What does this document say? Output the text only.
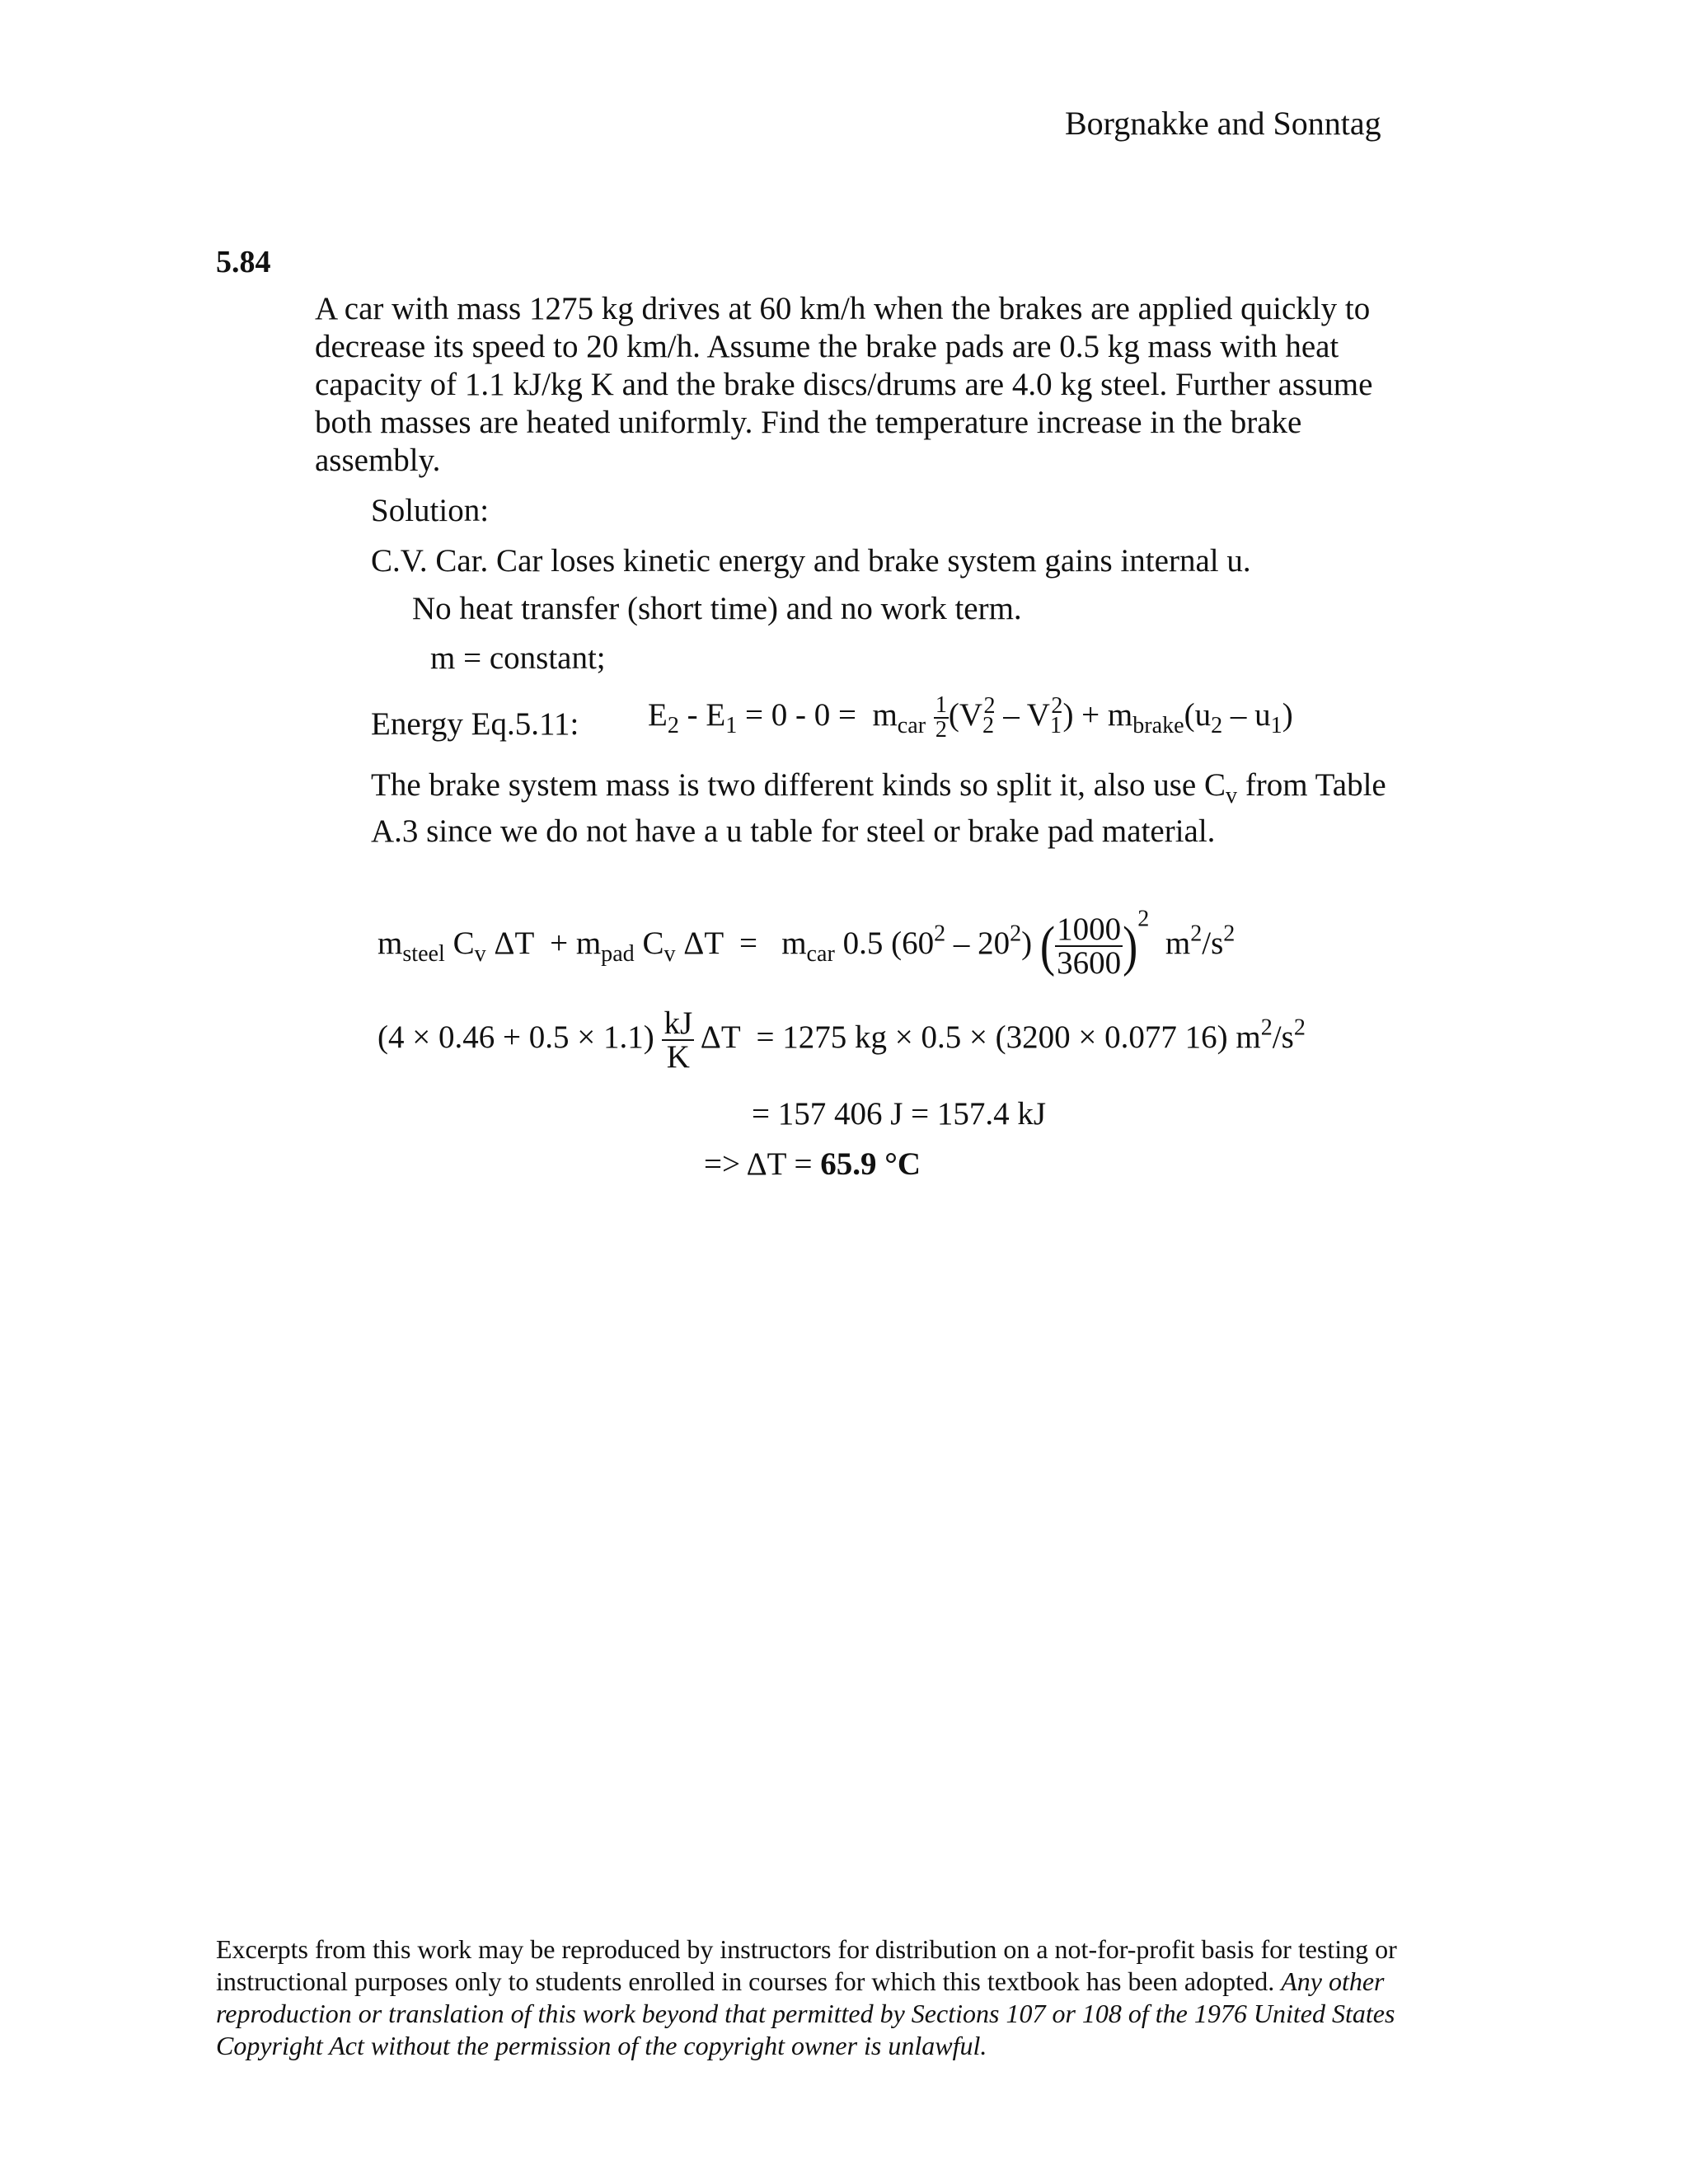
Borgnakke and Sonntag
5.84
A car with mass 1275 kg drives at 60 km/h when the brakes are applied quickly to
decrease its speed to 20 km/h. Assume the brake pads are 0.5 kg mass with heat
capacity of 1.1 kJ/kg K and the brake discs/drums are 4.0 kg steel. Further assume
both masses are heated uniformly. Find the temperature increase in the brake
assembly.
Solution:
C.V. Car. Car loses kinetic energy and brake system gains internal u.
No heat transfer (short time) and no work term.
m = constant;
Energy Eq.5.11: $E_2 - E_1 = 0 - 0 = m_{car} \frac{1}{2} (V_2^2 - V_1^2) + m_{brake}(u_2 - u_1)$
The brake system mass is two different kinds so split it, also use $C_v$ from Table
A.3 since we do not have a u table for steel or brake pad material.
$m_{steel}$ $C_v$ $\Delta T + m_{pad}$ $C_v$ $\Delta T = m_{car}$ 0.5 $(60^2 - 20^2)$ ( $\frac{1000}{3600} )^2$  $m^2/s^2$
$(4 \times 0.46 + 0.5 \times 1.1) \frac{kJ}{K}$ ΔT  = 1275 kg × 0.5 × (3200 × 0.077 16) $m^2/s^2$
= 157 406 J = 157.4 kJ
=> ΔT = 65.9 °C
Excerpts from this work may be reproduced by instructors for distribution on a not-for-profit basis for testing or instructional purposes only to students enrolled in courses for which this textbook has been adopted. Any other reproduction or translation of this work beyond that permitted by Sections 107 or 108 of the 1976 United States Copyright Act without the permission of the copyright owner is unlawful.
